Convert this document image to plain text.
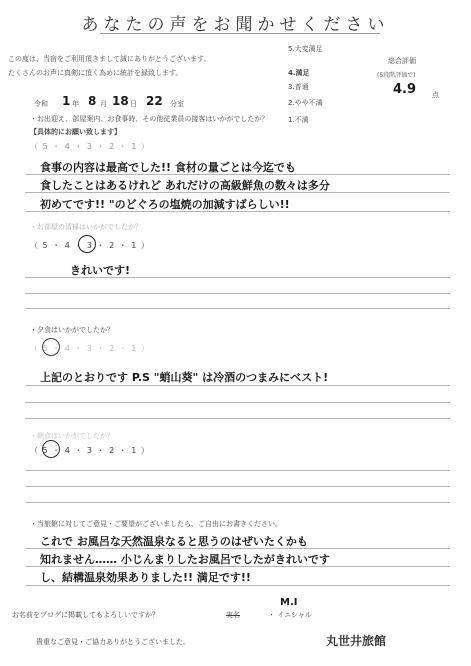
あなたの声をお聞かせください
この度は、当宿をご利用頂きまして誠にありがとうございます。
たくさんのお声に真剣に頂く為めに統計を録致します。
5.大変満足
4.満足
3.普通
2.やや不満
1.不満
総合評価
(5段階評価で)
4.9 点
令和 1 年 8 月 18 日 22 分室
・お出迎え、部屋案内、お食事時、その他従業員の接客はいかがでしたか？
【具体的にお願い致します】
（ 5 ・ 4 ・ 3 ・ 2 ・ 1 ）
食事の内容は最高でした!! 食材の量ごとは今迄でも
食したことはあるけれど あれだけの高級鮮魚の数々は多分
初めてです!! "のどぐろの塩焼の加減すばらしい!!
・お部屋の清掃はいかがでしたか？
（ 5 ・ 4 ・ 3 ・ 2 ・ 1 ）
きれいです!
・夕食はいかがでしたか？
（ 5 ・ 4 ・ 3 ・ 2 ・ 1 ）
上記のとおりです P.S "蛸山葵" は冷酒のつまみにベスト!
・朝食はいかがでしたか？
（ 5 ・ 4 ・ 3 ・ 2 ・ 1 ）
・当旅館に対してご意見・ご要望がございましたら、ご自由にお書きください。
これで お風呂な天然温泉なると思うのはぜいたくかも
知れません…… 小じんまりしたお風呂でしたがきれいです
し、結構温泉効果ありました!! 満足です!!
お名前をブログに掲載してもよろしいですか？	実名	・ イニシャル
M.I
貴重なご意見・ご協力ありがとうございました。	丸世井旅館
